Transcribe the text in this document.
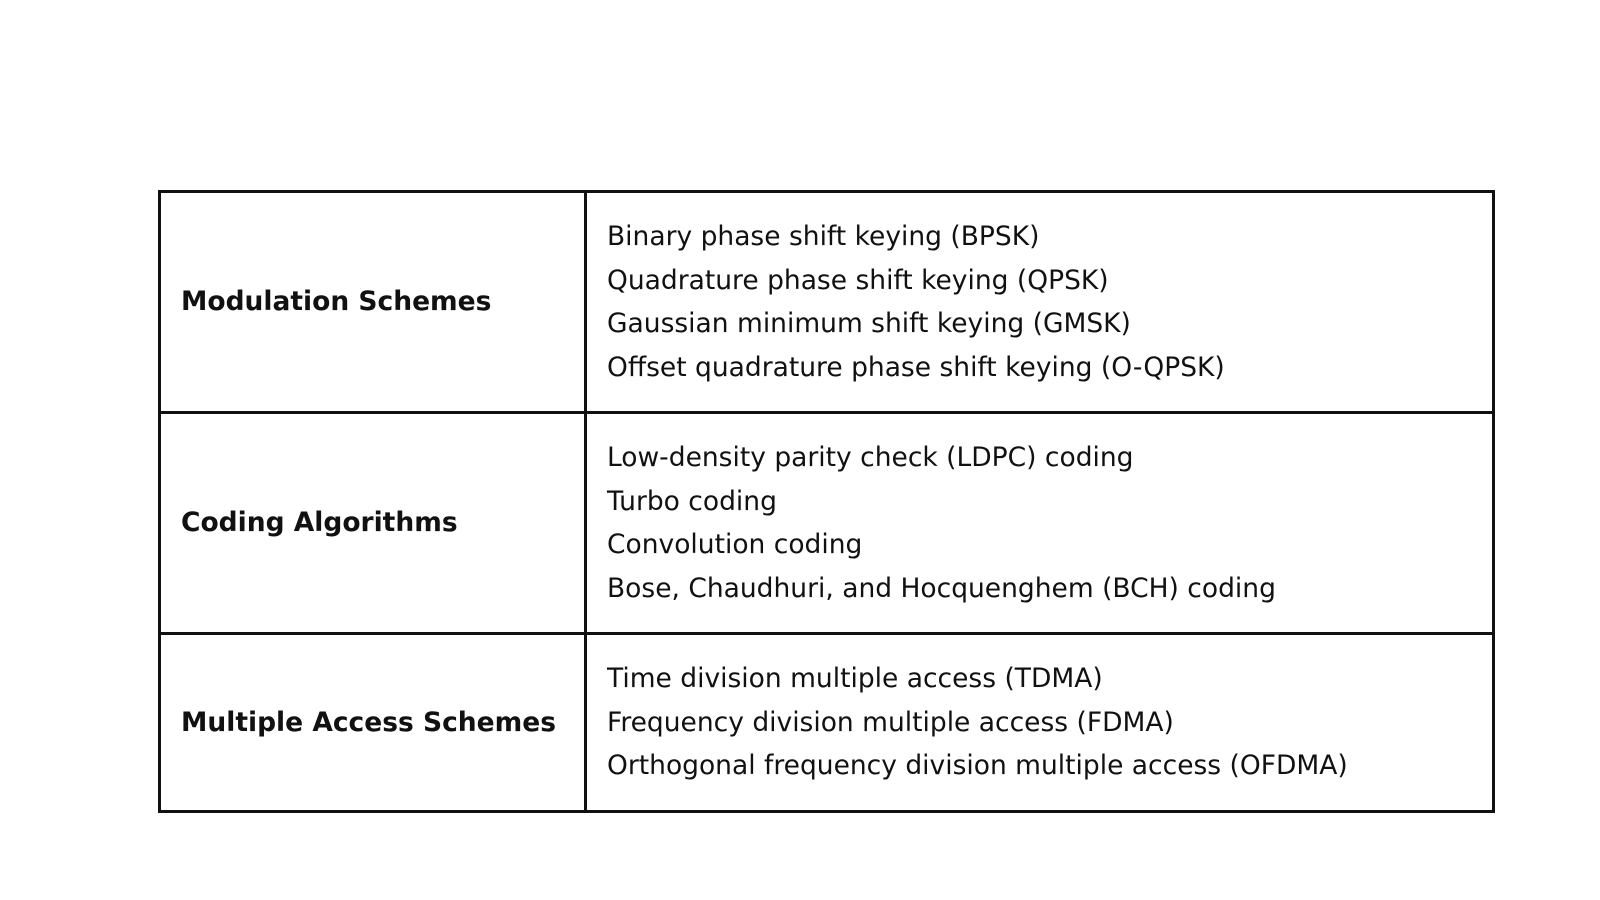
Modulation Schemes	Binary phase shift keying (BPSK)
Quadrature phase shift keying (QPSK)
Gaussian minimum shift keying (GMSK)
Offset quadrature phase shift keying (O-QPSK)

Coding Algorithms	Low-density parity check (LDPC) coding
Turbo coding
Convolution coding
Bose, Chaudhuri, and Hocquenghem (BCH) coding

Multiple Access Schemes	Time division multiple access (TDMA)
Frequency division multiple access (FDMA)
Orthogonal frequency division multiple access (OFDMA)
